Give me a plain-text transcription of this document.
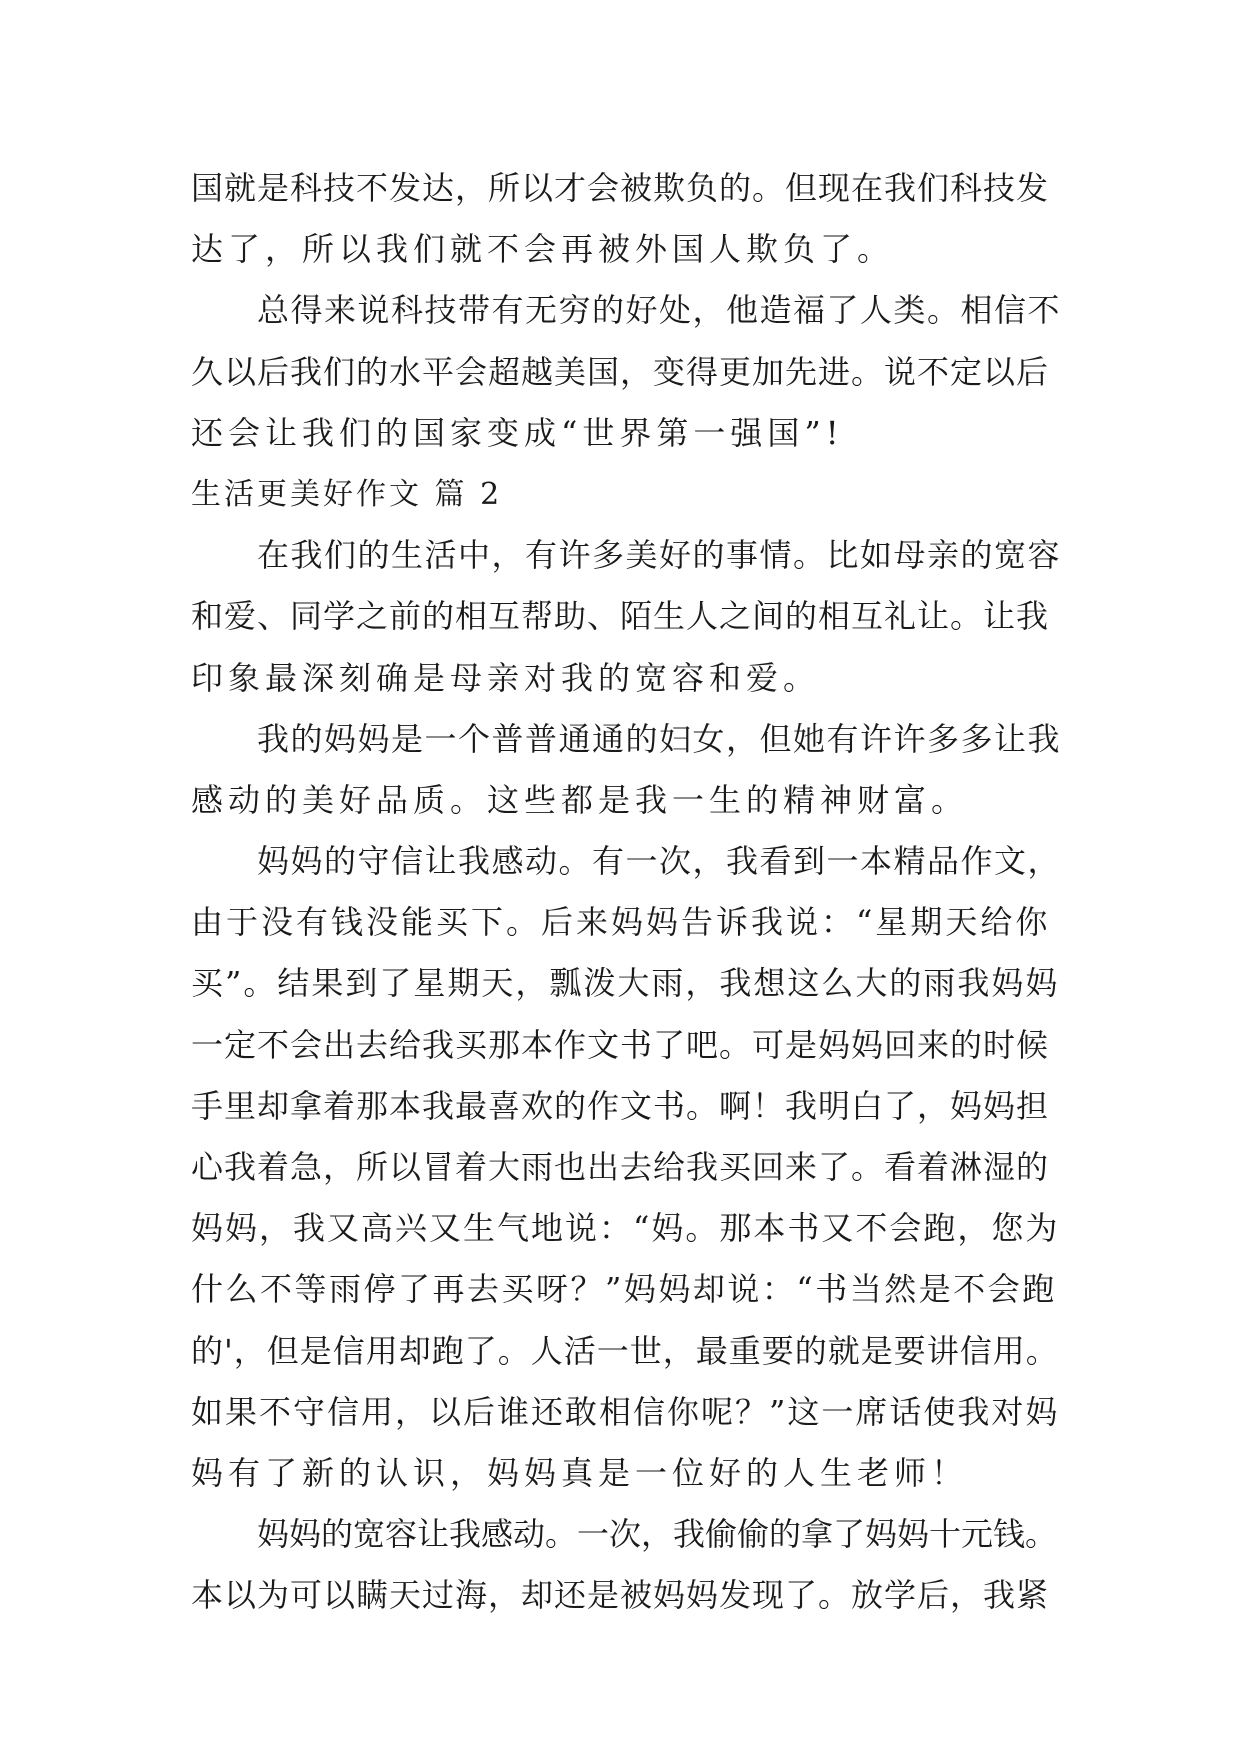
国就是科技不发达，所以才会被欺负的。但现在我们科技发
达了，所以我们就不会再被外国人欺负了。
总得来说科技带有无穷的好处，他造福了人类。相信不
久以后我们的水平会超越美国，变得更加先进。说不定以后
还会让我们的国家变成“世界第一强国”!
生活更美好作文 篇 2
在我们的生活中，有许多美好的事情。比如母亲的宽容
和爱、同学之前的相互帮助、陌生人之间的相互礼让。让我
印象最深刻确是母亲对我的宽容和爱。
我的妈妈是一个普普通通的妇女，但她有许许多多让我
感动的美好品质。这些都是我一生的精神财富。
妈妈的守信让我感动。有一次，我看到一本精品作文，
由于没有钱没能买下。后来妈妈告诉我说：“星期天给你
买”。结果到了星期天，瓢泼大雨，我想这么大的雨我妈妈
一定不会出去给我买那本作文书了吧。可是妈妈回来的时候
手里却拿着那本我最喜欢的作文书。啊！我明白了，妈妈担
心我着急，所以冒着大雨也出去给我买回来了。看着淋湿的
妈妈，我又高兴又生气地说：“妈。那本书又不会跑，您为
什么不等雨停了再去买呀？”妈妈却说：“书当然是不会跑
的'，但是信用却跑了。人活一世，最重要的就是要讲信用。
如果不守信用，以后谁还敢相信你呢？”这一席话使我对妈
妈有了新的认识，妈妈真是一位好的人生老师！
妈妈的宽容让我感动。一次，我偷偷的拿了妈妈十元钱。
本以为可以瞒天过海，却还是被妈妈发现了。放学后，我紧
